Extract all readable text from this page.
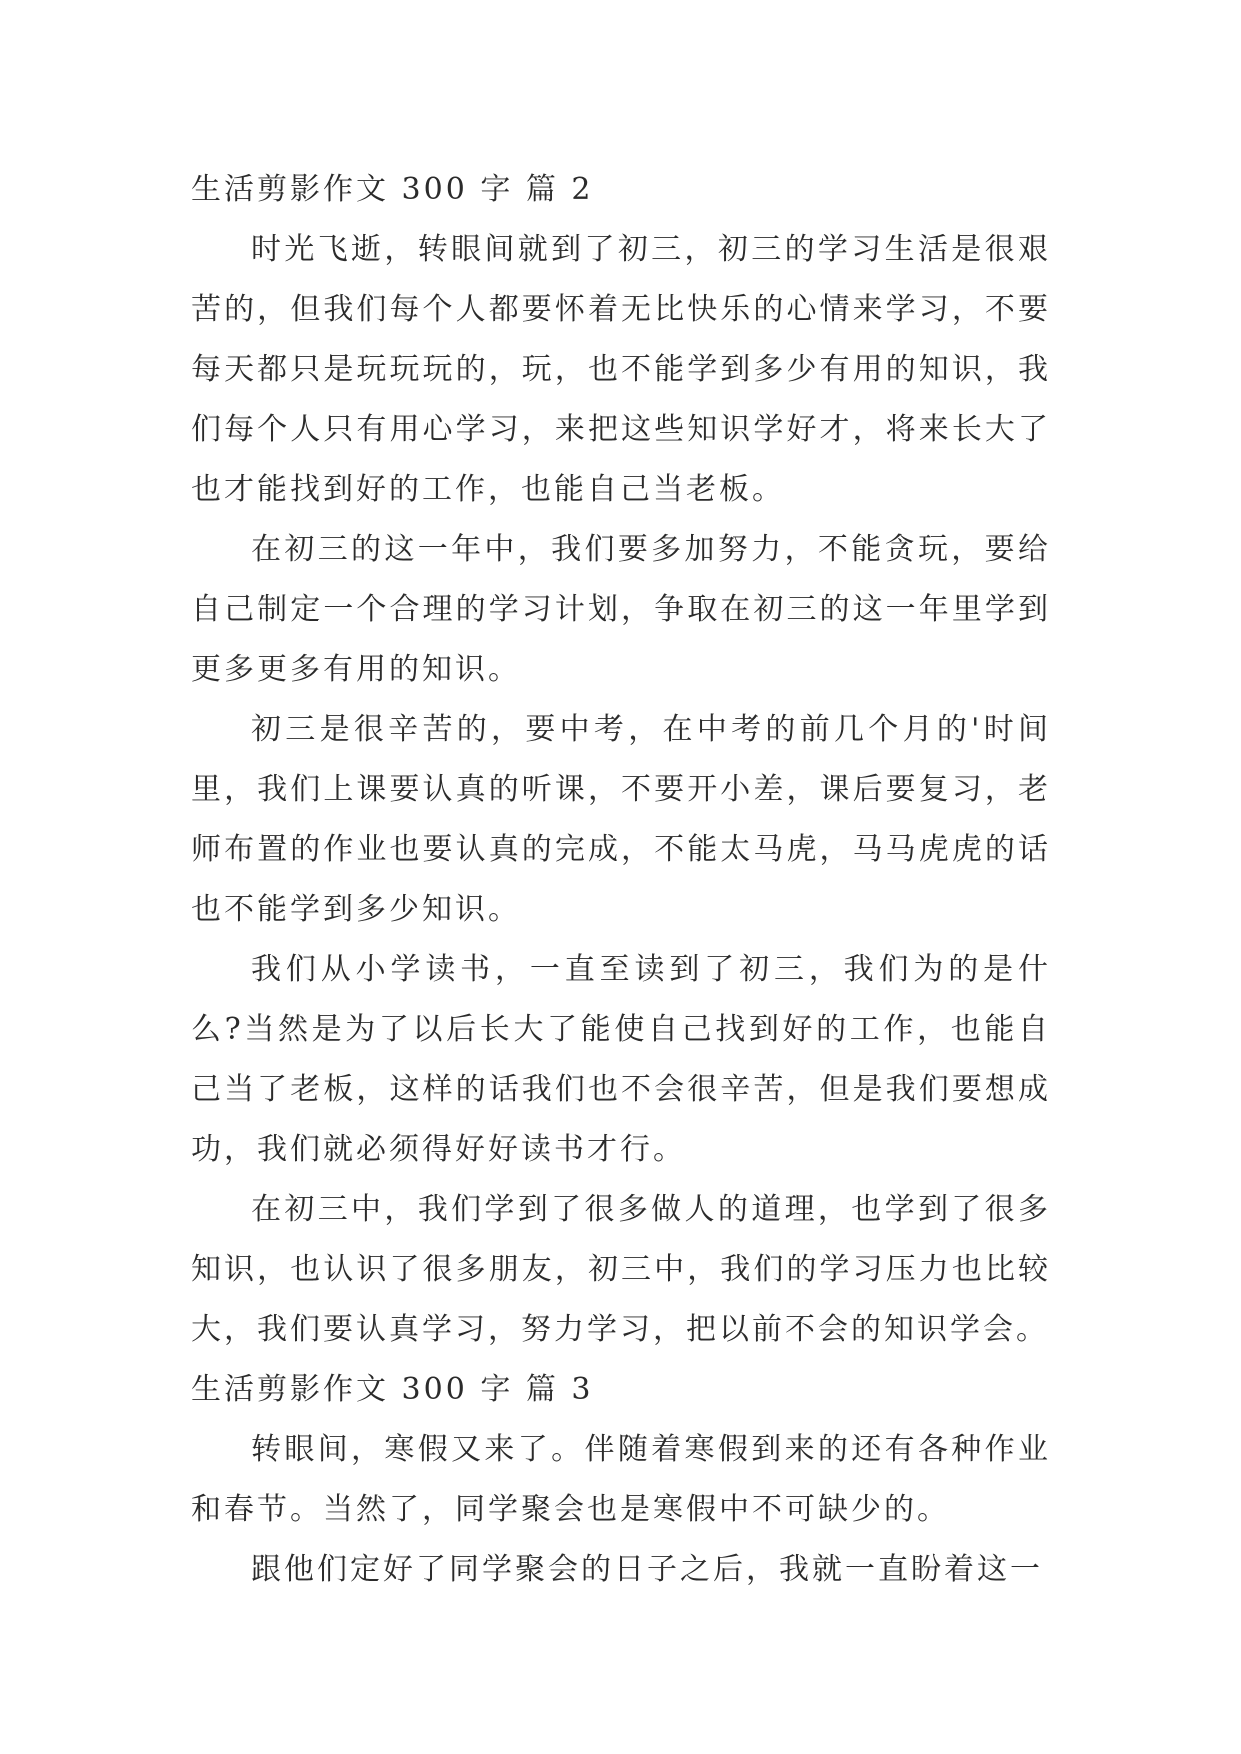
生活剪影作文 300 字 篇 2

时光飞逝，转眼间就到了初三，初三的学习生活是很艰苦的，但我们每个人都要怀着无比快乐的心情来学习，不要每天都只是玩玩玩的，玩，也不能学到多少有用的知识，我们每个人只有用心学习，来把这些知识学好才，将来长大了也才能找到好的工作，也能自己当老板。

在初三的这一年中，我们要多加努力，不能贪玩，要给自己制定一个合理的学习计划，争取在初三的这一年里学到更多更多有用的知识。

初三是很辛苦的，要中考，在中考的前几个月的'时间里，我们上课要认真的听课，不要开小差，课后要复习，老师布置的作业也要认真的完成，不能太马虎，马马虎虎的话也不能学到多少知识。

我们从小学读书，一直至读到了初三，我们为的是什么?当然是为了以后长大了能使自己找到好的工作，也能自己当了老板，这样的话我们也不会很辛苦，但是我们要想成功，我们就必须得好好读书才行。

在初三中，我们学到了很多做人的道理，也学到了很多知识，也认识了很多朋友，初三中，我们的学习压力也比较大，我们要认真学习，努力学习，把以前不会的知识学会。

生活剪影作文 300 字 篇 3

转眼间，寒假又来了。伴随着寒假到来的还有各种作业和春节。当然了，同学聚会也是寒假中不可缺少的。

跟他们定好了同学聚会的日子之后，我就一直盼着这一
